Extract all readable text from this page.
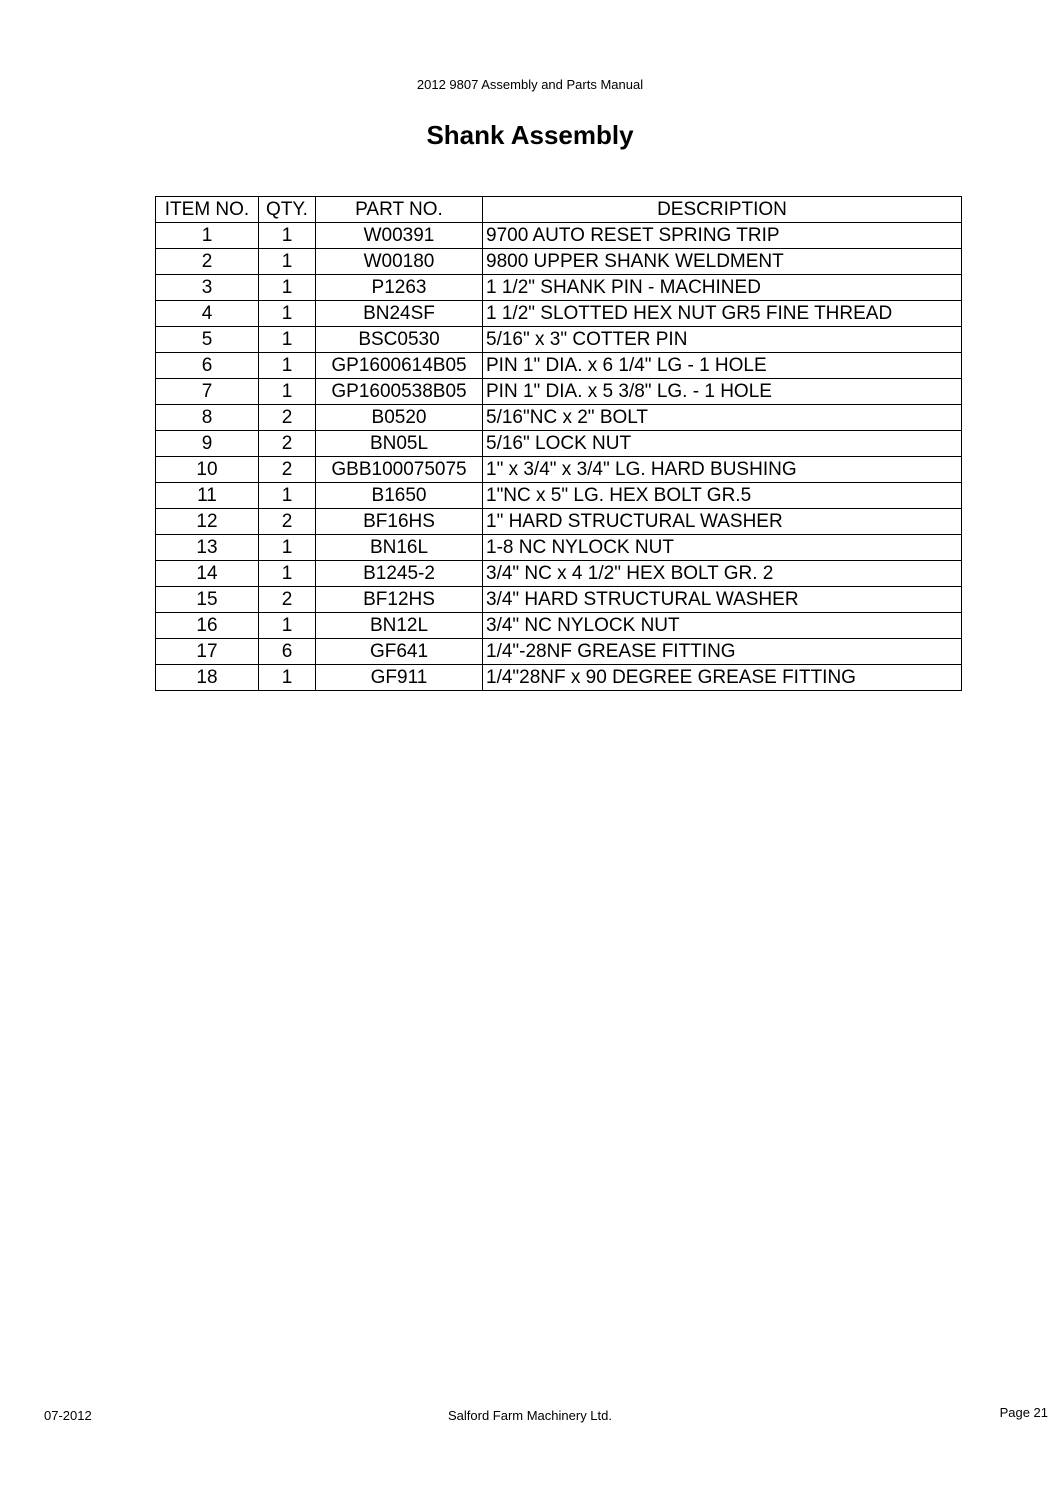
2012 9807 Assembly and Parts Manual
Shank Assembly
ITEM NO.	QTY.	PART NO.	DESCRIPTION
1	1	W00391	9700 AUTO RESET SPRING TRIP
2	1	W00180	9800 UPPER SHANK WELDMENT
3	1	P1263	1 1/2" SHANK PIN - MACHINED
4	1	BN24SF	1 1/2" SLOTTED HEX NUT GR5 FINE THREAD
5	1	BSC0530	5/16" x 3" COTTER PIN
6	1	GP1600614B05	PIN 1" DIA. x 6 1/4" LG - 1 HOLE
7	1	GP1600538B05	PIN 1" DIA. x 5 3/8" LG. - 1 HOLE
8	2	B0520	5/16"NC x 2" BOLT
9	2	BN05L	5/16" LOCK NUT
10	2	GBB100075075	1" x 3/4" x 3/4" LG. HARD BUSHING
11	1	B1650	1"NC x 5" LG. HEX BOLT GR.5
12	2	BF16HS	1" HARD STRUCTURAL WASHER
13	1	BN16L	1-8 NC NYLOCK NUT
14	1	B1245-2	3/4" NC x 4 1/2" HEX BOLT GR. 2
15	2	BF12HS	3/4" HARD STRUCTURAL WASHER
16	1	BN12L	3/4" NC NYLOCK NUT
17	6	GF641	1/4"-28NF GREASE FITTING
18	1	GF911	1/4"28NF x 90 DEGREE GREASE FITTING
07-2012	Salford Farm Machinery Ltd.	Page 21
